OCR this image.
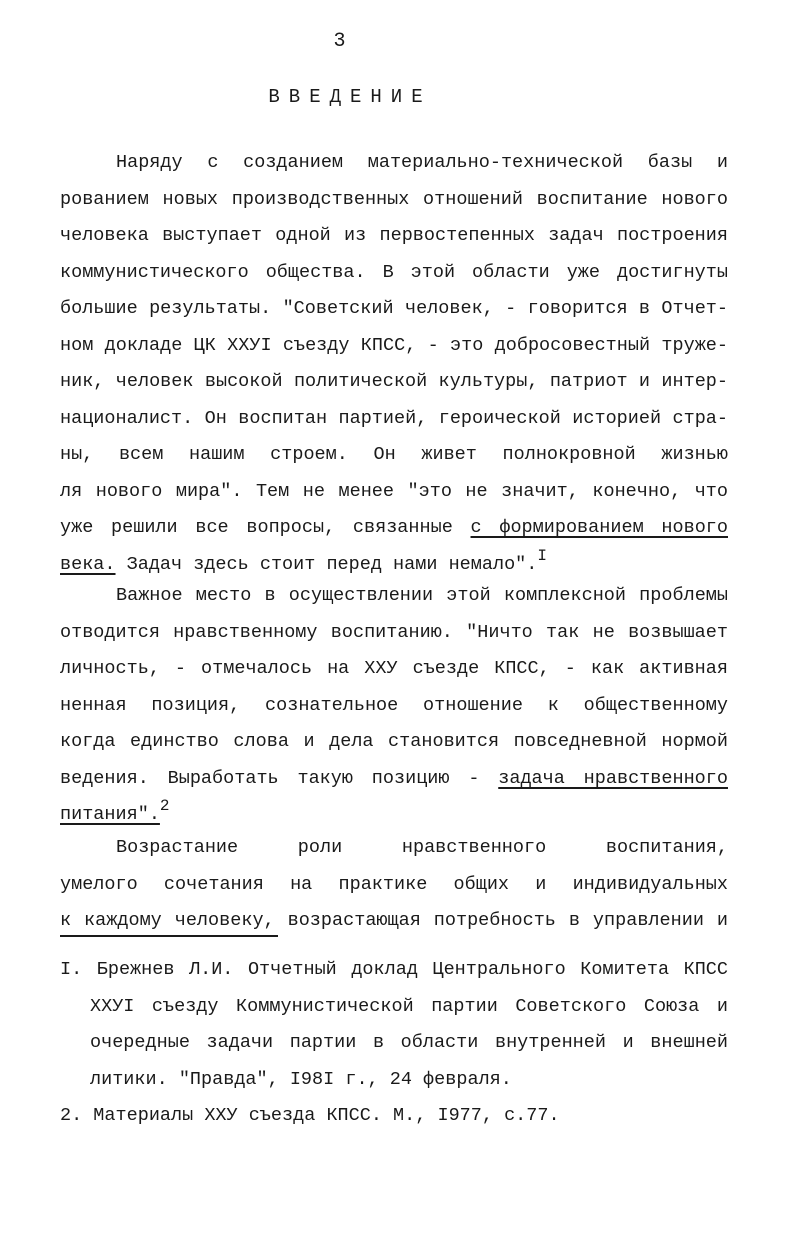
3
ВВЕДЕНИЕ
Наряду с созданием материально-технической базы и
рованием новых производственных отношений воспитание нового
человека выступает одной из первостепенных задач построения
коммунистического общества. В этой области уже достигнуты
большие результаты. "Советский человек, - говорится в Отчет-
ном докладе ЦК XXУI съезду КПСС, - это добросовестный труже-
ник, человек высокой политической культуры, патриот и интер-
националист. Он воспитан партией, героической историей стра-
ны, всем нашим строем. Он живет полнокровной жизнью
ля нового мира". Тем не менее "это не значит, конечно, что
уже решили все вопросы, связанные с формированием нового
века. Задач здесь стоит перед нами немало".$^I$
Важное место в осуществлении этой комплексной проблемы
отводится нравственному воспитанию. "Ничто так не возвышает
личность, - отмечалось на XXУ съезде КПСС, - как активная
ненная позиция, сознательное отношение к общественному
когда единство слова и дела становится повседневной нормой
ведения. Выработать такую позицию - задача нравственного
питания".$^2$
Возрастание роли нравственного воспитания,
умелого сочетания на практике общих и индивидуальных
к каждому человеку, возрастающая потребность в управлении и
I. Брежнев Л.И. Отчетный доклад Центрального Комитета КПСС
XXУI съезду Коммунистической партии Советского Союза и
очередные задачи партии в области внутренней и внешней
литики. "Правда", I98I г., 24 февраля.
2. Материалы XXУ съезда КПСС. М., I977, с.77.
